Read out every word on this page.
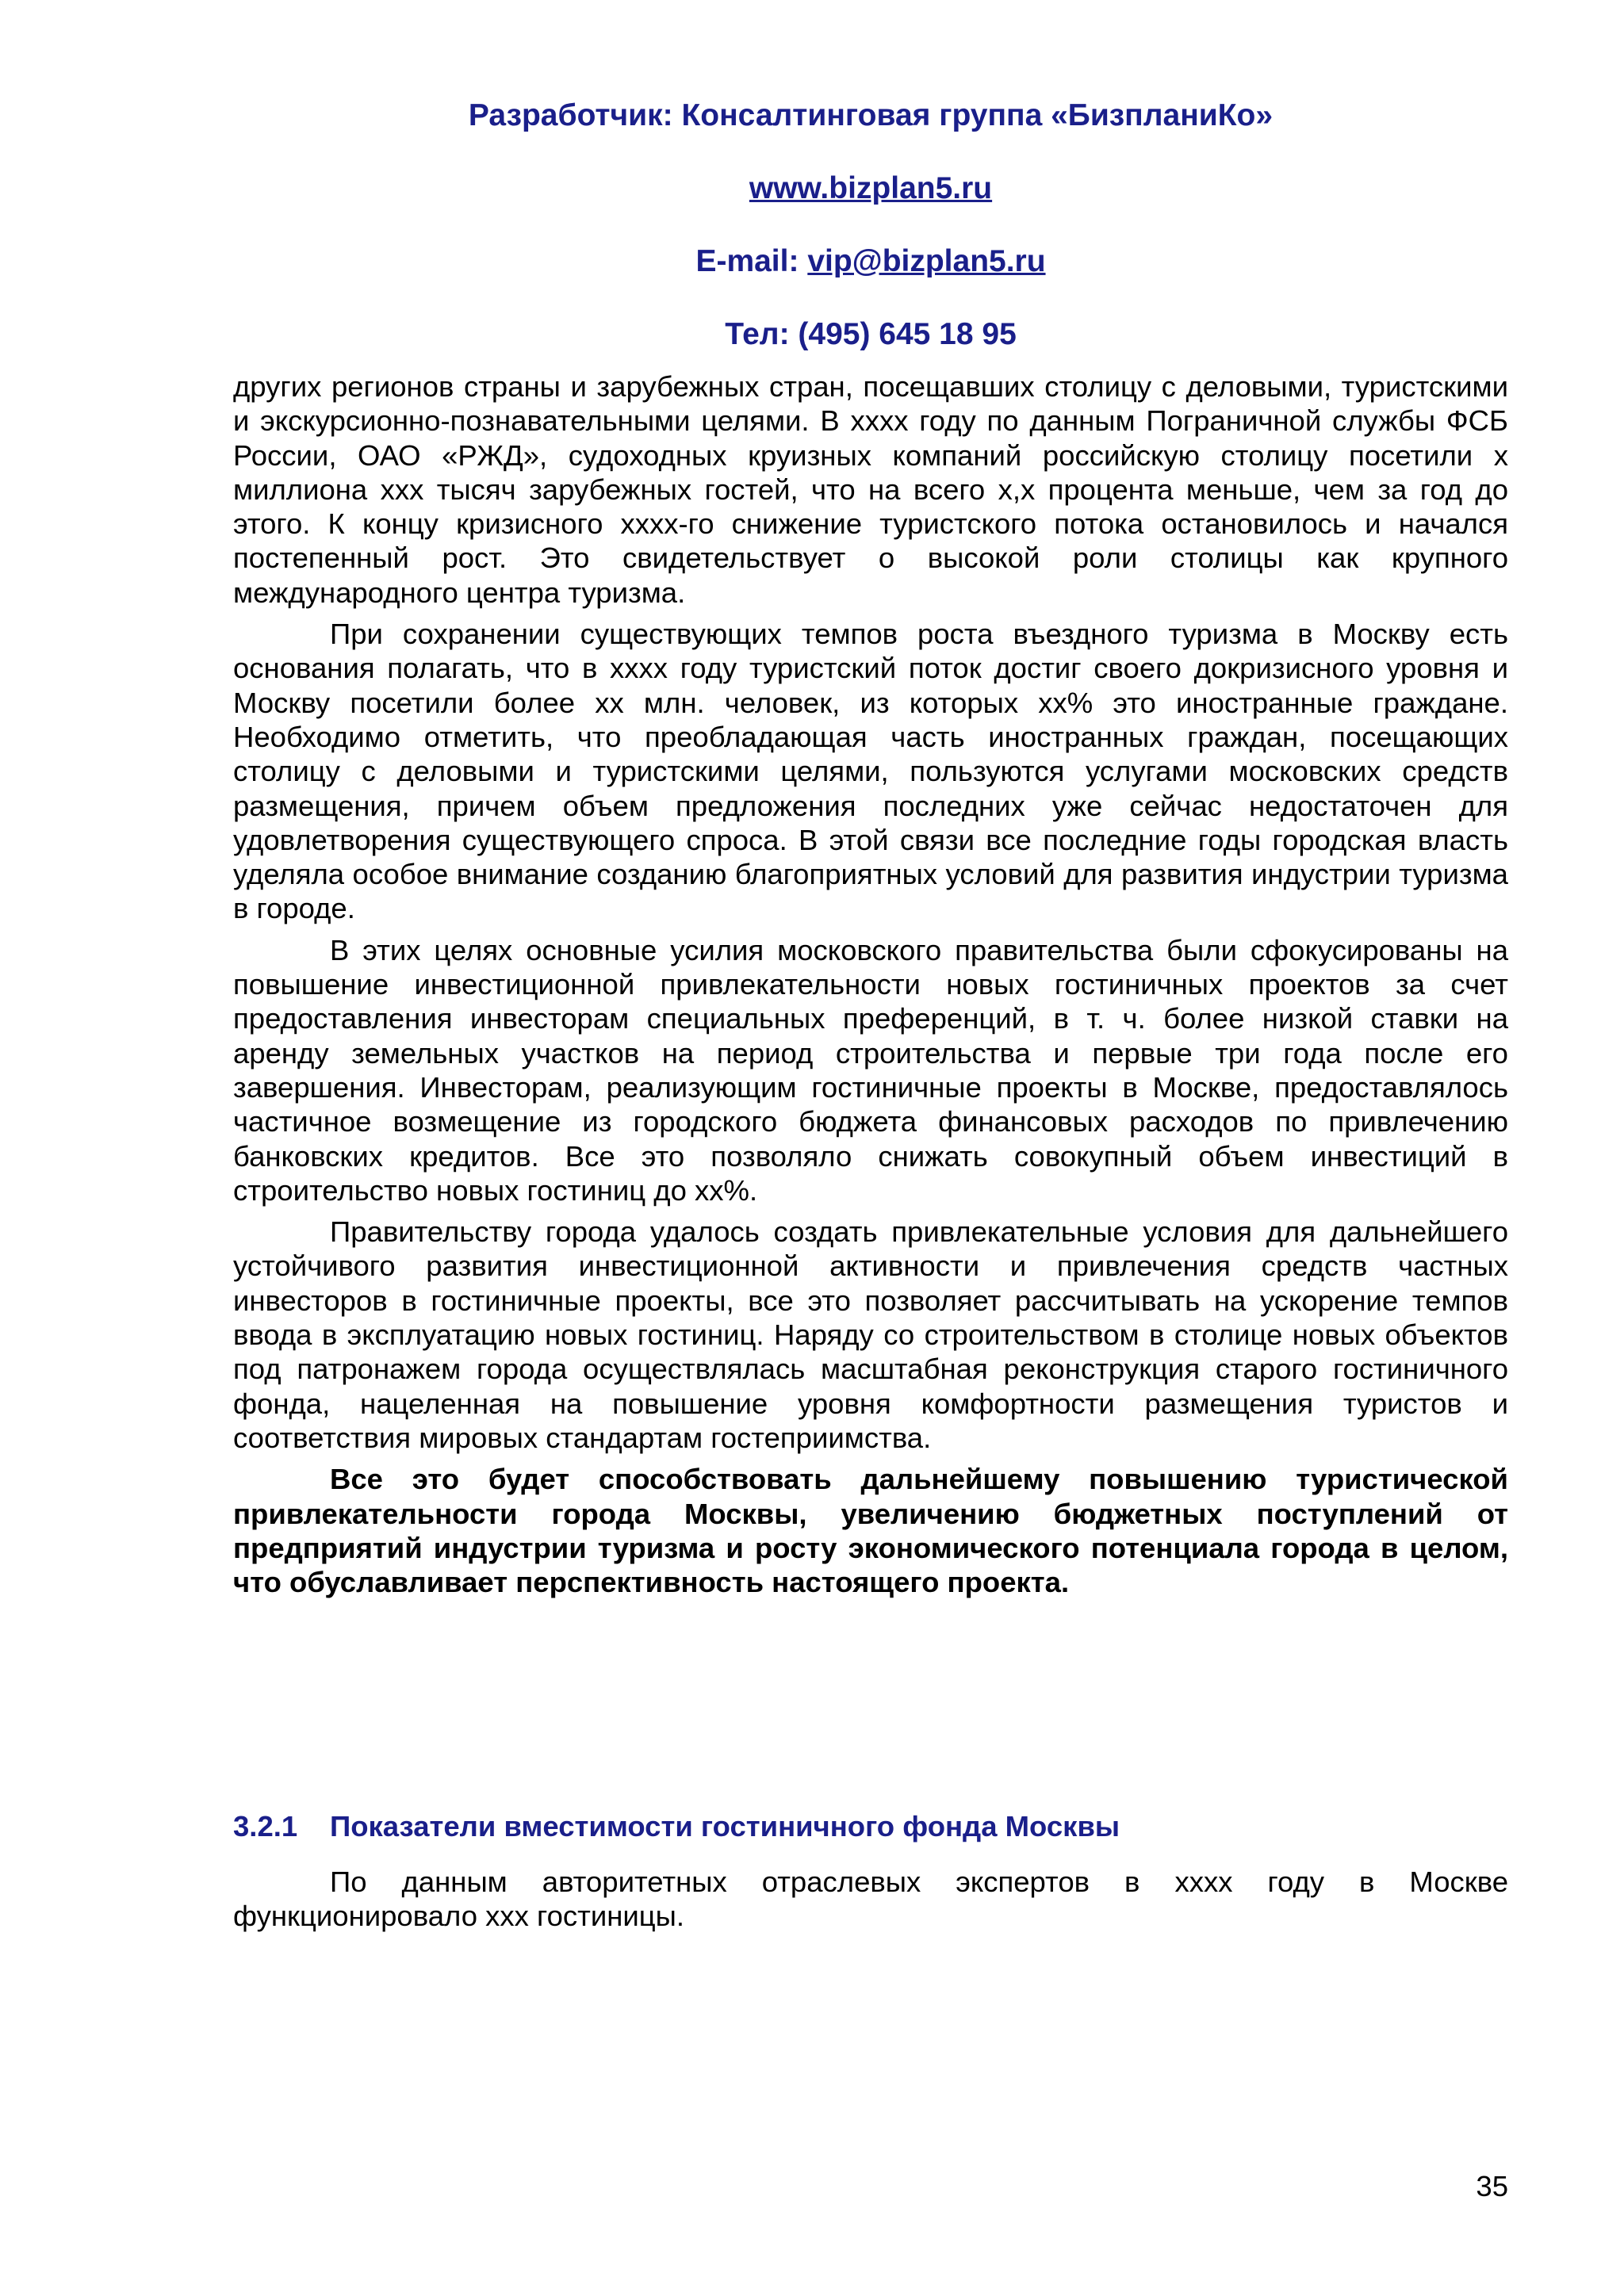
Разработчик: Консалтинговая группа «БизпланиКо»
www.bizplan5.ru
E-mail: vip@bizplan5.ru
Тел: (495) 645 18 95

других регионов страны и зарубежных стран, посещавших столицу с деловыми, туристскими и экскурсионно-познавательными целями. В хххх году по данным Пограничной службы ФСБ России, ОАО «РЖД», судоходных круизных компаний российскую столицу посетили х миллиона ххх тысяч зарубежных гостей, что на всего х,х процента меньше, чем за год до этого. К концу кризисного хххх-го снижение туристского потока остановилось и начался постепенный рост. Это свидетельствует о высокой роли столицы как крупного международного центра туризма.

При сохранении существующих темпов роста въездного туризма в Москву есть основания полагать, что в хххх году туристский поток достиг своего докризисного уровня и Москву посетили более хх млн. человек, из которых хх% это иностранные граждане. Необходимо отметить, что преобладающая часть иностранных граждан, посещающих столицу с деловыми и туристскими целями, пользуются услугами московских средств размещения, причем объем предложения последних уже сейчас недостаточен для удовлетворения существующего спроса. В этой связи все последние годы городская власть уделяла особое внимание созданию благоприятных условий для развития индустрии туризма в городе.

В этих целях основные усилия московского правительства были сфокусированы на повышение инвестиционной привлекательности новых гостиничных проектов за счет предоставления инвесторам специальных преференций, в т. ч. более низкой ставки на аренду земельных участков на период строительства и первые три года после его завершения. Инвесторам, реализующим гостиничные проекты в Москве, предоставлялось частичное возмещение из городского бюджета финансовых расходов по привлечению банковских кредитов. Все это позволяло снижать совокупный объем инвестиций в строительство новых гостиниц до хх%.

Правительству города удалось создать привлекательные условия для дальнейшего устойчивого развития инвестиционной активности и привлечения средств частных инвесторов в гостиничные проекты, все это позволяет рассчитывать на ускорение темпов ввода в эксплуатацию новых гостиниц. Наряду со строительством в столице новых объектов под патронажем города осуществлялась масштабная реконструкция старого гостиничного фонда, нацеленная на повышение уровня комфортности размещения туристов и соответствия мировых стандартам гостеприимства.

Все это будет способствовать дальнейшему повышению туристической привлекательности города Москвы, увеличению бюджетных поступлений от предприятий индустрии туризма и росту экономического потенциала города в целом, что обуславливает перспективность настоящего проекта.

3.2.1 Показатели вместимости гостиничного фонда Москвы

По данным авторитетных отраслевых экспертов в хххх году в Москве функционировало ххх гостиницы.

35
